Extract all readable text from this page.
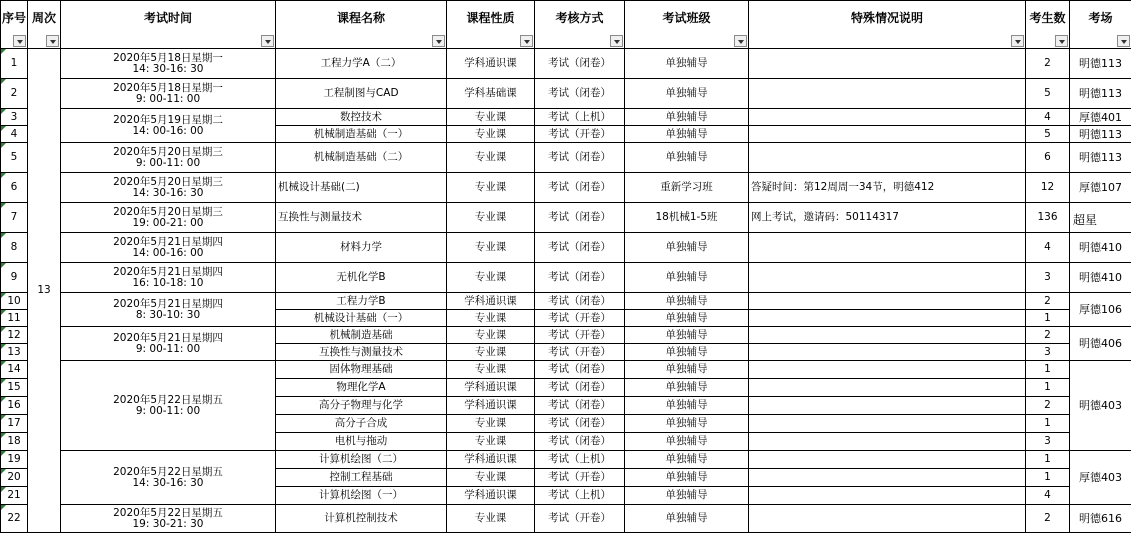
序号	周次	考试时间	课程名称	课程性质	考核方式	考试班级	特殊情况说明	考生数	考场

1	13	2020年5月18日星期一
14: 30-16: 30	工程力学A（二）	学科通识课	考试（闭卷）	单独辅导		2	明德113

2		2020年5月18日星期一
9: 00-11: 00	工程制图与CAD	学科基础课	考试（闭卷）	单独辅导		5	明德113

3		2020年5月19日星期二
14: 00-16: 00	数控技术	专业课	考试（上机）	单独辅导		4	厚德401

4			机械制造基础（一）	专业课	考试（开卷）	单独辅导		5	明德113

5		2020年5月20日星期三
9: 00-11: 00	机械制造基础（二）	专业课	考试（闭卷）	单独辅导		6	明德113

6		2020年5月20日星期三
14: 30-16: 30	机械设计基础(二)	专业课	考试（闭卷）	重新学习班	答疑时间：第12周周一34节，明德412	12	厚德107

7		2020年5月20日星期三
19: 00-21: 00	互换性与测量技术	专业课	考试（闭卷）	18机械1-5班	网上考试，邀请码：50114317	136	超星

8		2020年5月21日星期四
14: 00-16: 00	材料力学	专业课	考试（闭卷）	单独辅导		4	明德410

9		2020年5月21日星期四
16: 10-18: 10	无机化学B	专业课	考试（闭卷）	单独辅导		3	明德410

10		2020年5月21日星期四
8: 30-10: 30	工程力学B	学科通识课	考试（闭卷）	单独辅导		2	厚德106

11			机械设计基础（一）	专业课	考试（开卷）	单独辅导		1	

12		2020年5月21日星期四
9: 00-11: 00	机械制造基础	专业课	考试（开卷）	单独辅导		2	明德406

13			互换性与测量技术	专业课	考试（开卷）	单独辅导		3	

14		2020年5月22日星期五
9: 00-11: 00	固体物理基础	专业课	考试（闭卷）	单独辅导		1	明德403

15			物理化学A	学科通识课	考试（闭卷）	单独辅导		1	

16			高分子物理与化学	学科通识课	考试（闭卷）	单独辅导		2	

17			高分子合成	专业课	考试（闭卷）	单独辅导		1	

18			电机与拖动	专业课	考试（闭卷）	单独辅导		3	

19		2020年5月22日星期五
14: 30-16: 30	计算机绘图（二）	学科通识课	考试（上机）	单独辅导		1	厚德403

20			控制工程基础	专业课	考试（开卷）	单独辅导		1	

21			计算机绘图（一）	学科通识课	考试（上机）	单独辅导		4	

22		2020年5月22日星期五
19: 30-21: 30	计算机控制技术	专业课	考试（开卷）	单独辅导		2	明德616
